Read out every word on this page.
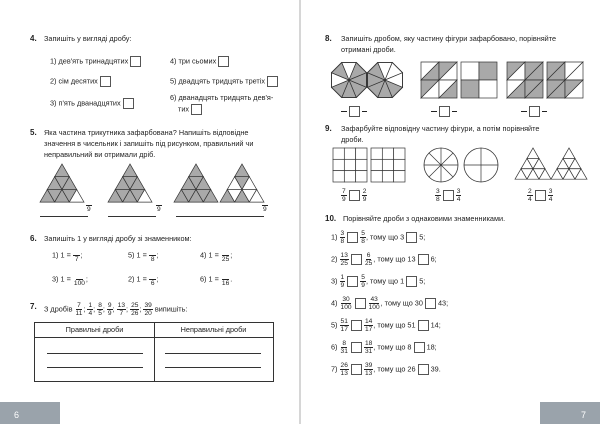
4. Запишіть у вигляді дробу:
1) дев'ять тринадцятих	4) три сьомих
2) сім десятих	5) двадцять тридцять третіх
3) п'ять дванадцятих
6) дванадцять тридцять дев'я-
тих
5. Яка частина трикутника зафарбована? Напишіть відповідне
значення в чисельник і запишіть під рисунком, правильний чи
неправильний ви отримали дріб.

9
	9
	9
6. Запишіть 1 у вигляді дробу зі знаменником:
1) 1 =

7
;	5) 1 =

8
;	4) 1 =

25
;
3) 1 =

100
;	2) 1 =

6
;	6) 1 =

16
.
7. З дробів $\frac{7}{11}$ ; $\frac{1}{4}$ ; $\frac{8}{5}$ ; $\frac{9}{9}$ ; $\frac{13}{7}$ ; $\frac{25}{26}$ ; $\frac{39}{20}$ випишіть:
Правильні дроби	Неправильні дроби
6
8. Запишіть дробом, яку частину фігури зафарбовано, порівняйте
отримані дроби.

9. Зафарбуйте відповідну частину фігури, а потім порівняйте
дроби.
$\frac{7}{9}$
$\frac{2}{9}$	$\frac{3}{8}$
$\frac{3}{4}$	$\frac{2}{4}$
$\frac{3}{4}$
10. Порівняйте дроби з однаковими знаменниками.
$1) \frac{3}{8}$
$\frac{5}{8}$ , тому що 3 5;
$2) \frac{13}{25}$
$\frac{6}{25}$ , тому що 13 6;
$3) \frac{1}{9}$
$\frac{5}{9}$ , тому що 1 5;
$4) \frac{30}{100}$
$\frac{43}{100}$ , тому що 30 43;
$5) \frac{51}{17}$
$\frac{14}{17}$ , тому що 51 14;
$6) \frac{8}{31}$
$\frac{18}{31}$ , тому що 8 18;
$7) \frac{26}{13}$
$\frac{39}{13}$ , тому що 26 39.
7
